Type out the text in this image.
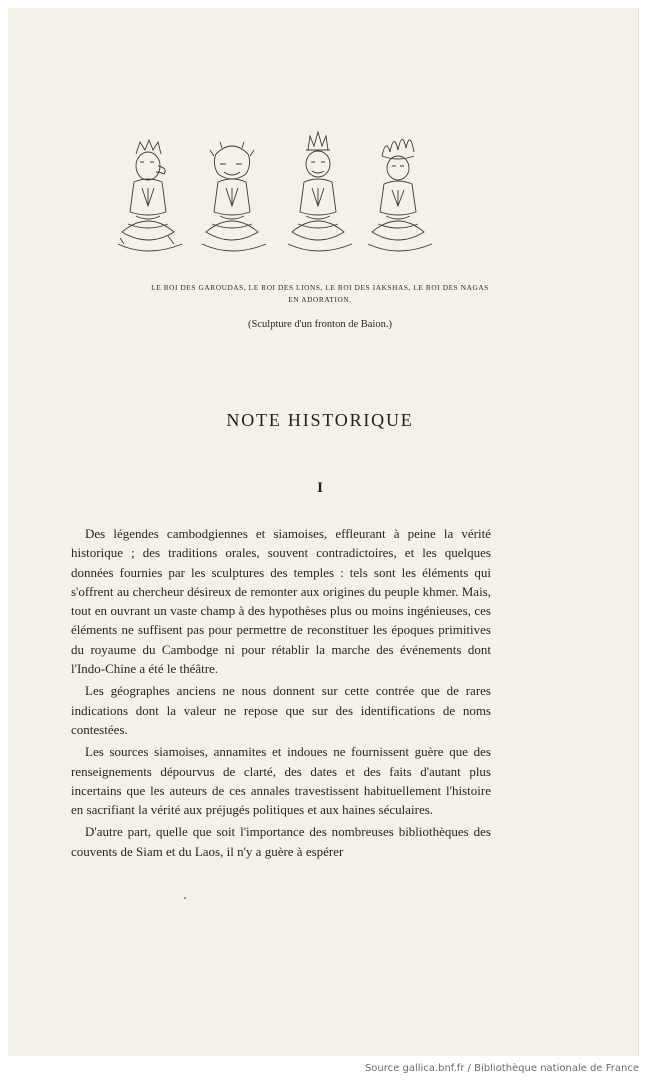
LE ROI DES GAROUDAS, LE ROI DES LIONS, LE ROI DES IAKSHAS, LE ROI DES NAGAS
EN ADORATION.
(Sculpture d'un fronton de Baion.)
NOTE HISTORIQUE
I

Des légendes cambodgiennes et siamoises, effleurant à peine la vérité historique ; des traditions orales, souvent contradictoires, et les quelques données fournies par les sculptures des temples : tels sont les éléments qui s'offrent au chercheur désireux de remonter aux origines du peuple khmer. Mais, tout en ouvrant un vaste champ à des hypothèses plus ou moins ingénieuses, ces éléments ne suffisent pas pour permettre de reconstituer les époques primitives du royaume du Cambodge ni pour rétablir la marche des événements dont l'Indo-Chine a été le théâtre.

Les géographes anciens ne nous donnent sur cette contrée que de rares indications dont la valeur ne repose que sur des identifications de noms contestées.

Les sources siamoises, annamites et indoues ne fournissent guère que des renseignements dépourvus de clarté, des dates et des faits d'autant plus incertains que les auteurs de ces annales travestissent habituellement l'histoire en sacrifiant la vérité aux préjugés politiques et aux haines séculaires.

D'autre part, quelle que soit l'importance des nombreuses bibliothèques des couvents de Siam et du Laos, il n'y a guère à espérer

Source gallica.bnf.fr / Bibliothèque nationale de France
